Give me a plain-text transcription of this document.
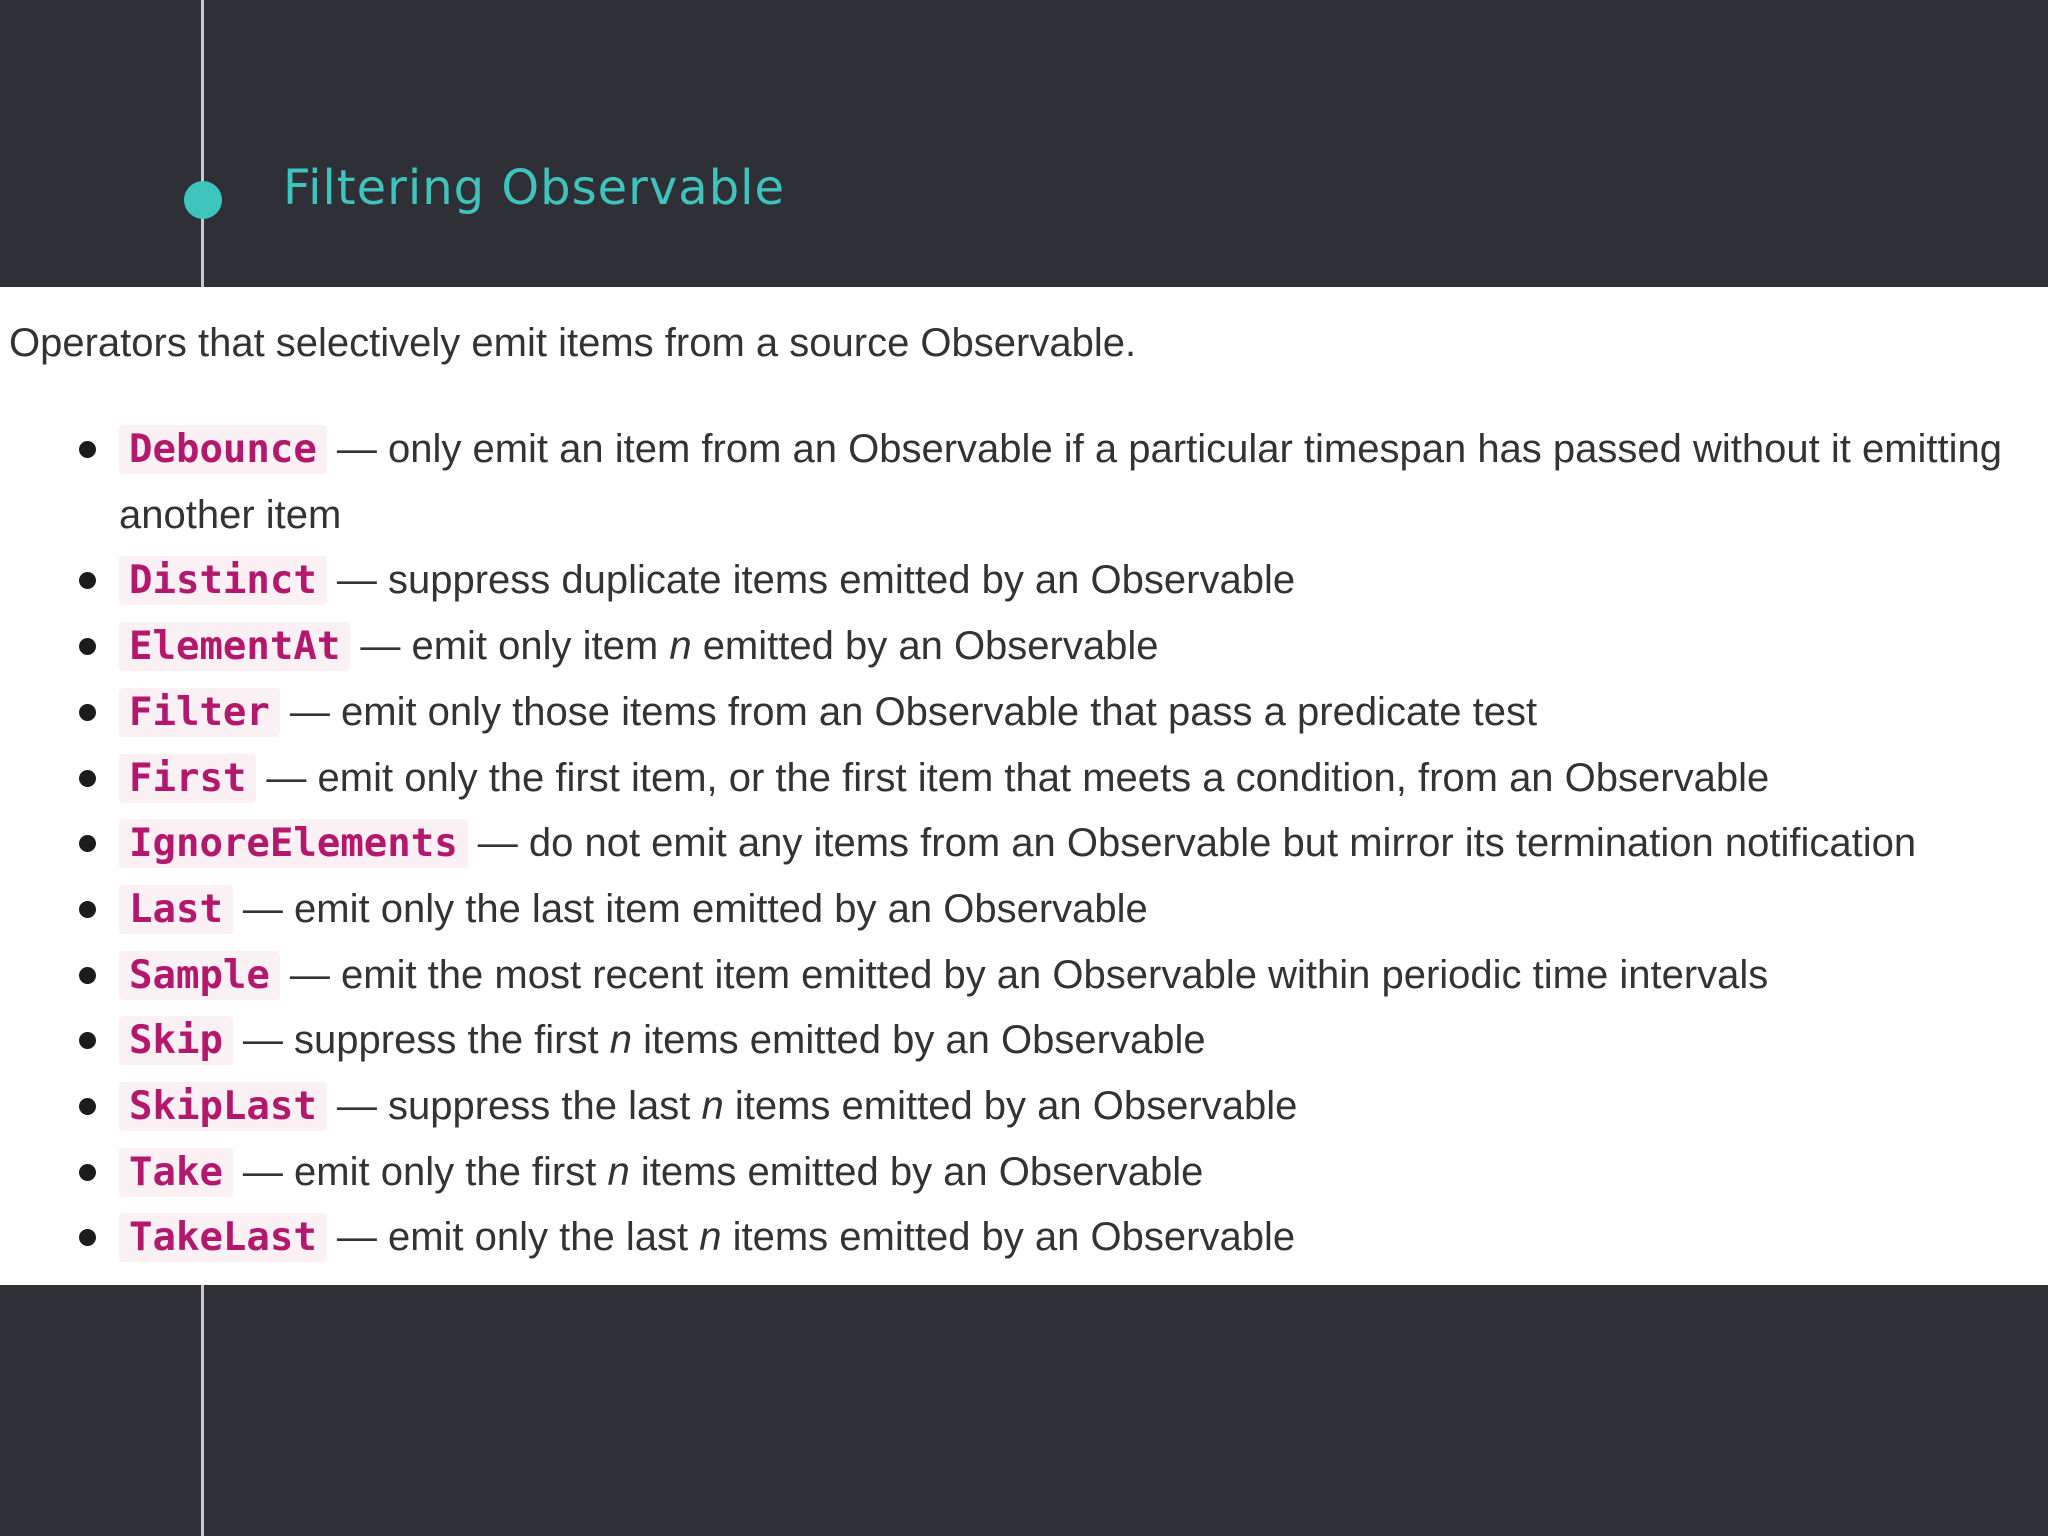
Filtering Observable
Operators that selectively emit items from a source Observable.
Debounce — only emit an item from an Observable if a particular timespan has passed without it emitting another item
Distinct — suppress duplicate items emitted by an Observable
ElementAt — emit only item n emitted by an Observable
Filter — emit only those items from an Observable that pass a predicate test
First — emit only the first item, or the first item that meets a condition, from an Observable
IgnoreElements — do not emit any items from an Observable but mirror its termination notification
Last — emit only the last item emitted by an Observable
Sample — emit the most recent item emitted by an Observable within periodic time intervals
Skip — suppress the first n items emitted by an Observable
SkipLast — suppress the last n items emitted by an Observable
Take — emit only the first n items emitted by an Observable
TakeLast — emit only the last n items emitted by an Observable
